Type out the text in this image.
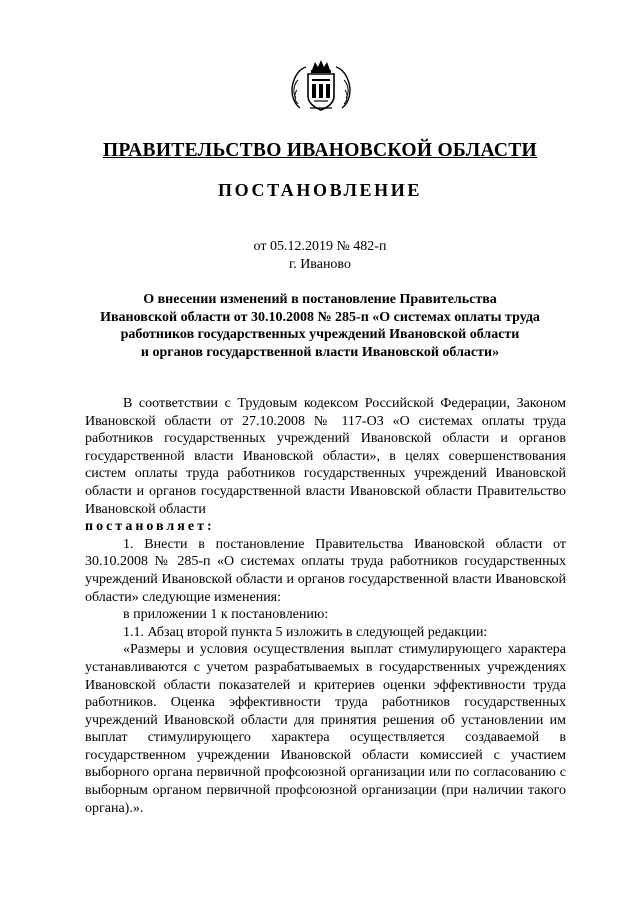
ПРАВИТЕЛЬСТВО ИВАНОВСКОЙ ОБЛАСТИ
ПОСТАНОВЛЕНИЕ
от 05.12.2019 № 482-п
г. Иваново
О внесении изменений в постановление Правительства
Ивановской области от 30.10.2008 № 285-п «О системах оплаты труда
работников государственных учреждений Ивановской области
и органов государственной власти Ивановской области»

В соответствии с Трудовым кодексом Российской Федерации, Законом Ивановской области от 27.10.2008 № 117-ОЗ «О системах оплаты труда работников государственных учреждений Ивановской области и органов государственной власти Ивановской области», в целях совершенствования систем оплаты труда работников государственных учреждений Ивановской области и органов государственной власти Ивановской области Правительство Ивановской области

постановляет:

1. Внести в постановление Правительства Ивановской области от 30.10.2008 № 285-п «О системах оплаты труда работников государственных учреждений Ивановской области и органов государственной власти Ивановской области» следующие изменения:

в приложении 1 к постановлению:

1.1. Абзац второй пункта 5 изложить в следующей редакции:

«Размеры и условия осуществления выплат стимулирующего характера устанавливаются с учетом разрабатываемых в государственных учреждениях Ивановской области показателей и критериев оценки эффективности труда работников. Оценка эффективности труда работников государственных учреждений Ивановской области для принятия решения об установлении им выплат стимулирующего характера осуществляется создаваемой в государственном учреждении Ивановской области комиссией с участием выборного органа первичной профсоюзной организации или по согласованию с выборным органом первичной профсоюзной организации (при наличии такого органа).».
